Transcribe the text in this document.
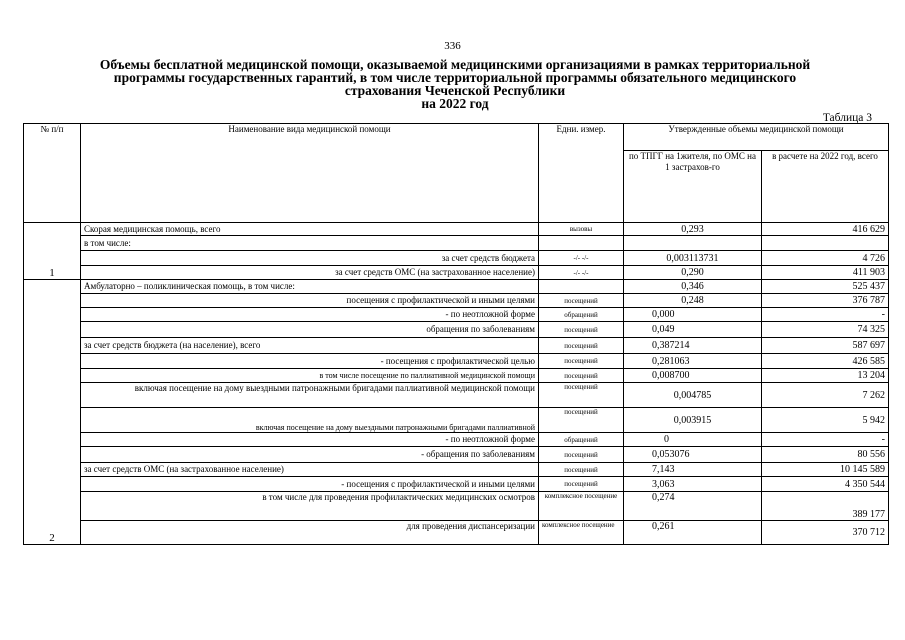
336
Объемы бесплатной медицинской помощи, оказываемой медицинскими организациями в рамках территориальной
программы государственных гарантий, в том числе территориальной программы обязательного медицинского
страхования Чеченской Республики
на 2022 год
Таблица 3
№ п/п	Наименование вида медицинской помощи	Едни. измер.	Утвержденные объемы медицинской помощи	
			по ТПГГ на 1жителя, по ОМС на 1 застрахов-го	в расчете на 2022 год, всего
1	Скорая медицинская помощь, всего	вызовы	0,293	416 629
	в том числе:			
	за счет средств бюджета	-/- -/-	0,003113731	4 726
	за счет средств ОМС (на застрахованное население)	-/- -/-	0,290	411 903
2	Амбулаторно – поликлиническая помощь, в том числе:		0,346	525 437
	посещения с профилактической и иными целями	посещений	0,248	376 787
	- по неотложной форме	обращений	0,000	-
	обращения по заболеваниям	посещений	0,049	74 325
	за счет средств бюджета (на население), всего	посещений	0,387214	587 697
	- посещения с профилактической целью	посещений	0,281063	426 585
	в том числе посещение по паллиативной медицинской помощи	посещений	0,008700	13 204
	включая посещение на дому выездными патронажными бригадами паллиативной медицинской помощи	посещений	0,004785	7 262
	включая посещение на дому выездными патронажными бригадами паллиативной	посещений	0,003915	5 942
	- по неотложной форме	обращений	0	-
	- обращения по заболеваниям	посещений	0,053076	80 556
	за счет средств ОМС (на застрахованное население)	посещений	7,143	10 145 589
	- посещения с профилактической и иными целями	посещений	3,063	4 350 544
	в том числе для проведения профилактических медицинских осмотров	комплексное посещение	0,274	389 177
	для проведения диспансеризации	комплексное посещение	0,261	370 712
